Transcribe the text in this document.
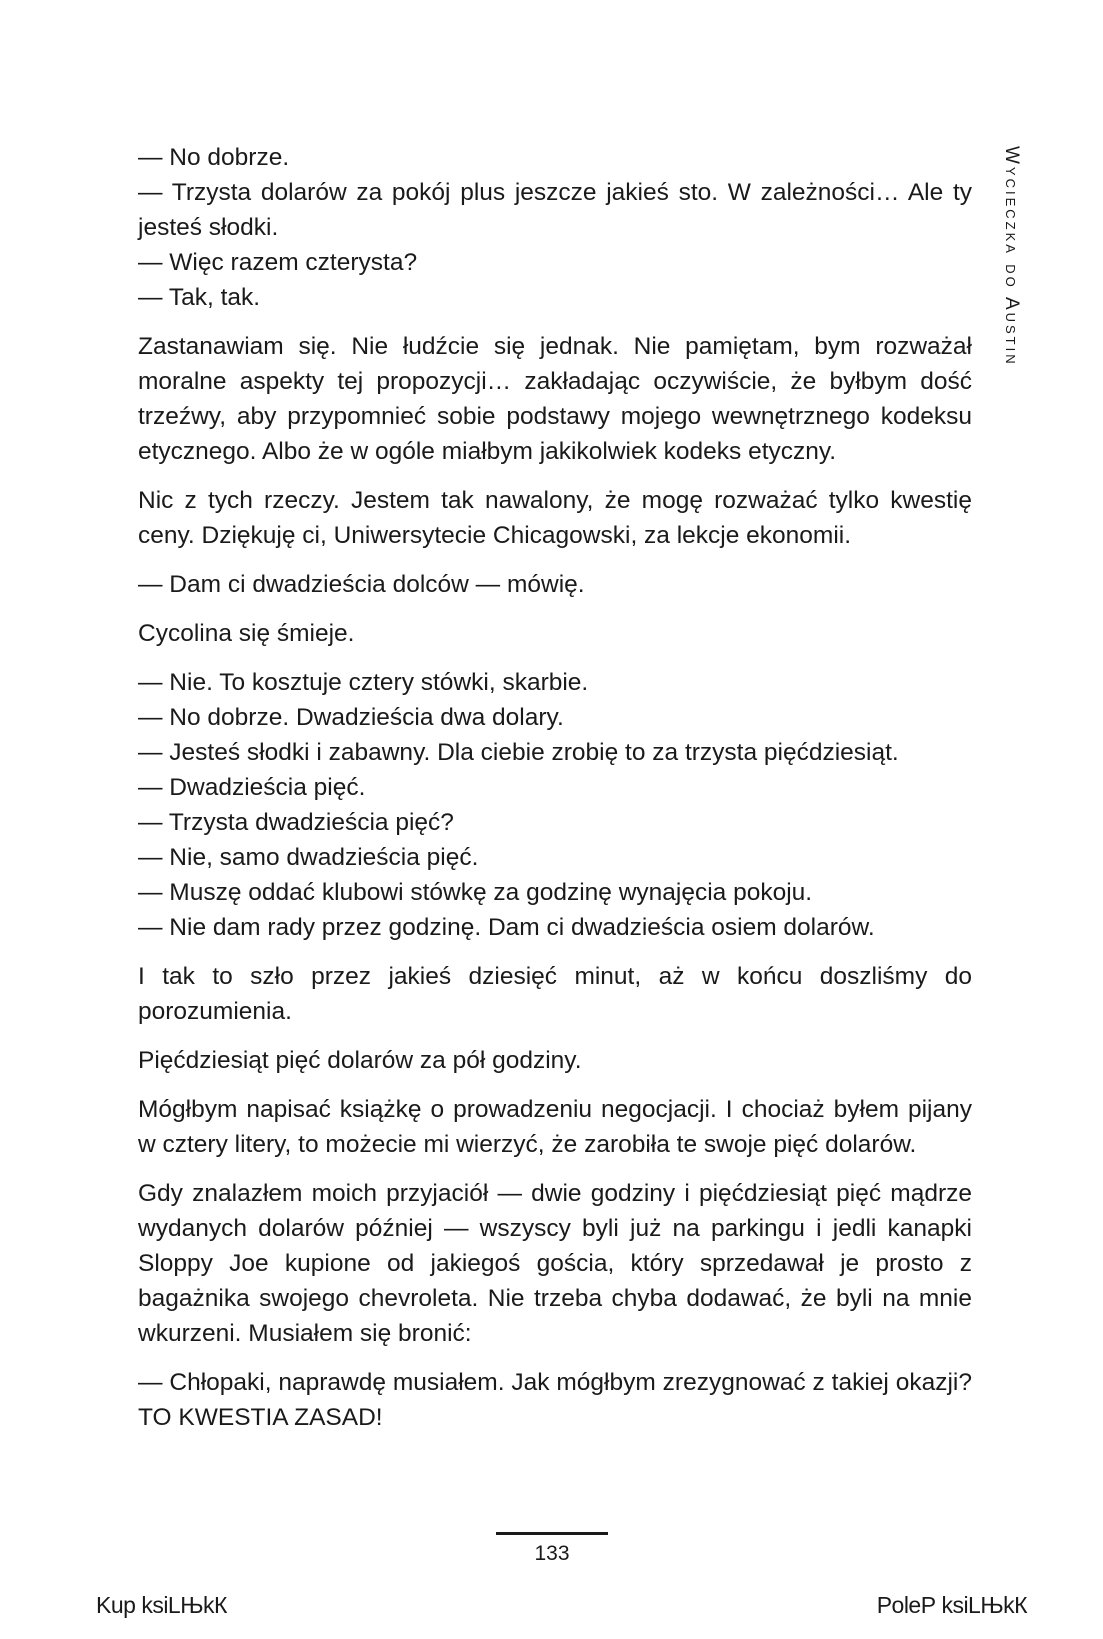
Wycieczka do Austin
— No dobrze.
— Trzysta dolarów za pokój plus jeszcze jakieś sto. W zależności… Ale ty jesteś słodki.
— Więc razem czterysta?
— Tak, tak.

Zastanawiam się. Nie łudźcie się jednak. Nie pamiętam, bym rozważał moralne aspekty tej propozycji… zakładając oczywiście, że byłbym dość trzeźwy, aby przypomnieć sobie podstawy mojego wewnętrznego kodeksu etycznego. Albo że w ogóle miałbym jakikolwiek kodeks etyczny.

Nic z tych rzeczy. Jestem tak nawalony, że mogę rozważać tylko kwestię ceny. Dziękuję ci, Uniwersytecie Chicagowski, za lekcje ekonomii.

— Dam ci dwadzieścia dolców — mówię.

Cycolina się śmieje.

— Nie. To kosztuje cztery stówki, skarbie.
— No dobrze. Dwadzieścia dwa dolary.
— Jesteś słodki i zabawny. Dla ciebie zrobię to za trzysta pięćdziesiąt.
— Dwadzieścia pięć.
— Trzysta dwadzieścia pięć?
— Nie, samo dwadzieścia pięć.
— Muszę oddać klubowi stówkę za godzinę wynajęcia pokoju.
— Nie dam rady przez godzinę. Dam ci dwadzieścia osiem dolarów.

I tak to szło przez jakieś dziesięć minut, aż w końcu doszliśmy do porozumienia.

Pięćdziesiąt pięć dolarów za pół godziny.

Mógłbym napisać książkę o prowadzeniu negocjacji. I chociaż byłem pijany w cztery litery, to możecie mi wierzyć, że zarobiła te swoje pięć dolarów.

Gdy znalazłem moich przyjaciół — dwie godziny i pięćdziesiąt pięć mądrze wydanych dolarów później — wszyscy byli już na parkingu i jedli kanapki Sloppy Joe kupione od jakiegoś gościa, który sprzedawał je prosto z bagażnika swojego chevroleta. Nie trzeba chyba dodawać, że byli na mnie wkurzeni. Musiałem się bronić:

— Chłopaki, naprawdę musiałem. Jak mógłbym zrezygnować z takiej okazji? TO KWESTIA ZASAD!

133
Kup ksiLЊkК	PoleР ksiLЊkК
